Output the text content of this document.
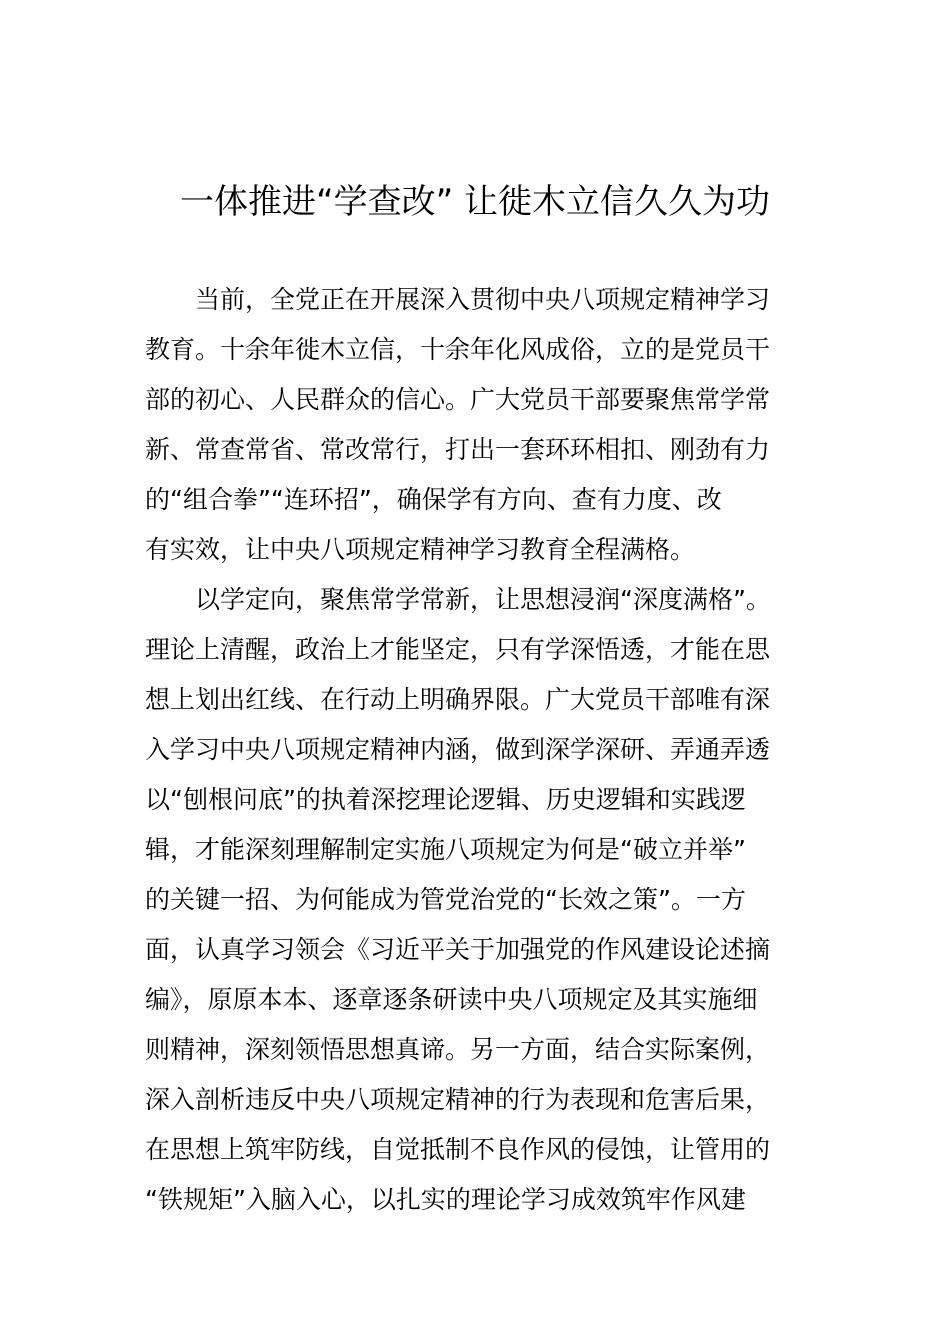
一体推进“学查改” 让徙木立信久久为功

当前，全党正在开展深入贯彻中央八项规定精神学习

教育。十余年徙木立信，十余年化风成俗，立的是党员干

部的初心、人民群众的信心。广大党员干部要聚焦常学常

新、常查常省、常改常行，打出一套环环相扣、刚劲有力

的“组合拳”“连环招”，确保学有方向、查有力度、改

有实效，让中央八项规定精神学习教育全程满格。

以学定向，聚焦常学常新，让思想浸润“深度满格”。

理论上清醒，政治上才能坚定，只有学深悟透，才能在思

想上划出红线、在行动上明确界限。广大党员干部唯有深

入学习中央八项规定精神内涵，做到深学深研、弄通弄透

以“刨根问底”的执着深挖理论逻辑、历史逻辑和实践逻

辑，才能深刻理解制定实施八项规定为何是“破立并举”

的关键一招、为何能成为管党治党的“长效之策”。一方

面，认真学习领会《习近平关于加强党的作风建设论述摘

编》，原原本本、逐章逐条研读中央八项规定及其实施细

则精神，深刻领悟思想真谛。另一方面，结合实际案例，

深入剖析违反中央八项规定精神的行为表现和危害后果，

在思想上筑牢防线，自觉抵制不良作风的侵蚀，让管用的

“铁规矩”入脑入心，以扎实的理论学习成效筑牢作风建
